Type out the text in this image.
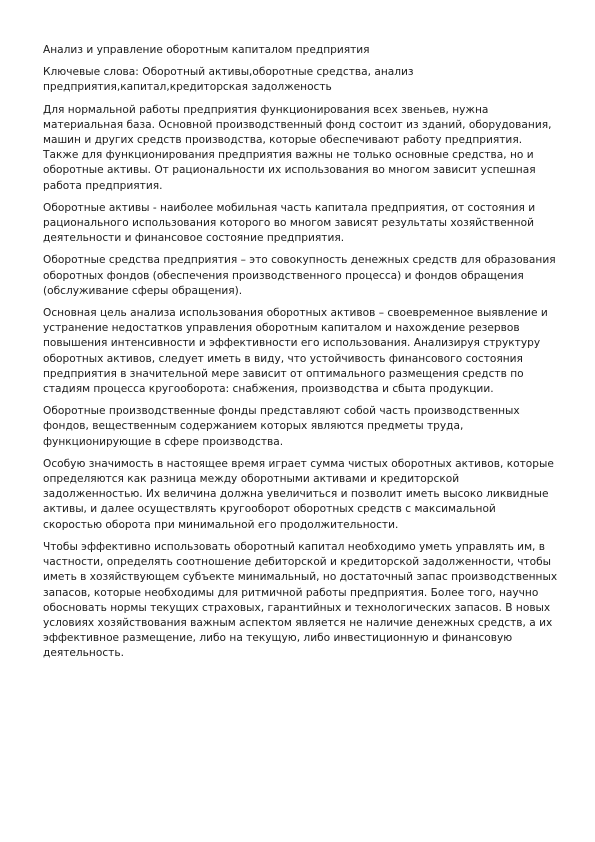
Анализ и управление оборотным капиталом предприятия

Ключевые слова: Оборотный активы,оборотные средства, анализ предприятия,капитал,кредиторская задолженость

Для нормальной работы предприятия функционирования всех звеньев, нужна материальная база. Основной производственный фонд состоит из зданий, оборудования, машин и других средств производства, которые обеспечивают работу предприятия. Также для функционирования предприятия важны не только основные средства, но и оборотные активы. От рациональности их использования во многом зависит успешная работа предприятия.

Оборотные активы - наиболее мобильная часть капитала предприятия, от состояния и рационального использования которого во многом зависят результаты хозяйственной деятельности и финансовое состояние предприятия.

Оборотные средства предприятия – это совокупность денежных средств для образования оборотных фондов (обеспечения производственного процесса) и фондов обращения (обслуживание сферы обращения).

Основная цель анализа использования оборотных активов – своевременное выявление и устранение недостатков управления оборотным капиталом и нахождение резервов повышения интенсивности и эффективности его использования. Анализируя структуру оборотных активов, следует иметь в виду, что устойчивость финансового состояния предприятия в значительной мере зависит от оптимального размещения средств по стадиям процесса кругооборота: снабжения, производства и сбыта продукции.

Оборотные производственные фонды представляют собой часть производственных фондов, вещественным содержанием которых являются предметы труда, функционирующие в сфере производства.

Особую значимость в настоящее время играет сумма чистых оборотных активов, которые определяются как разница между оборотными активами и кредиторской задолженностью. Их величина должна увеличиться и позволит иметь высоко ликвидные активы, и далее осуществлять кругооборот оборотных средств с максимальной скоростью оборота при минимальной его продолжительности.

Чтобы эффективно использовать оборотный капитал необходимо уметь управлять им, в частности, определять соотношение дебиторской и кредиторской задолженности, чтобы иметь в хозяйствующем субъекте минимальный, но достаточный запас производственных запасов, которые необходимы для ритмичной работы предприятия. Более того, научно обосновать нормы текущих страховых, гарантийных и технологических запасов. В новых условиях хозяйствования важным аспектом является не наличие денежных средств, а их эффективное размещение, либо на текущую, либо инвестиционную и финансовую деятельность.
